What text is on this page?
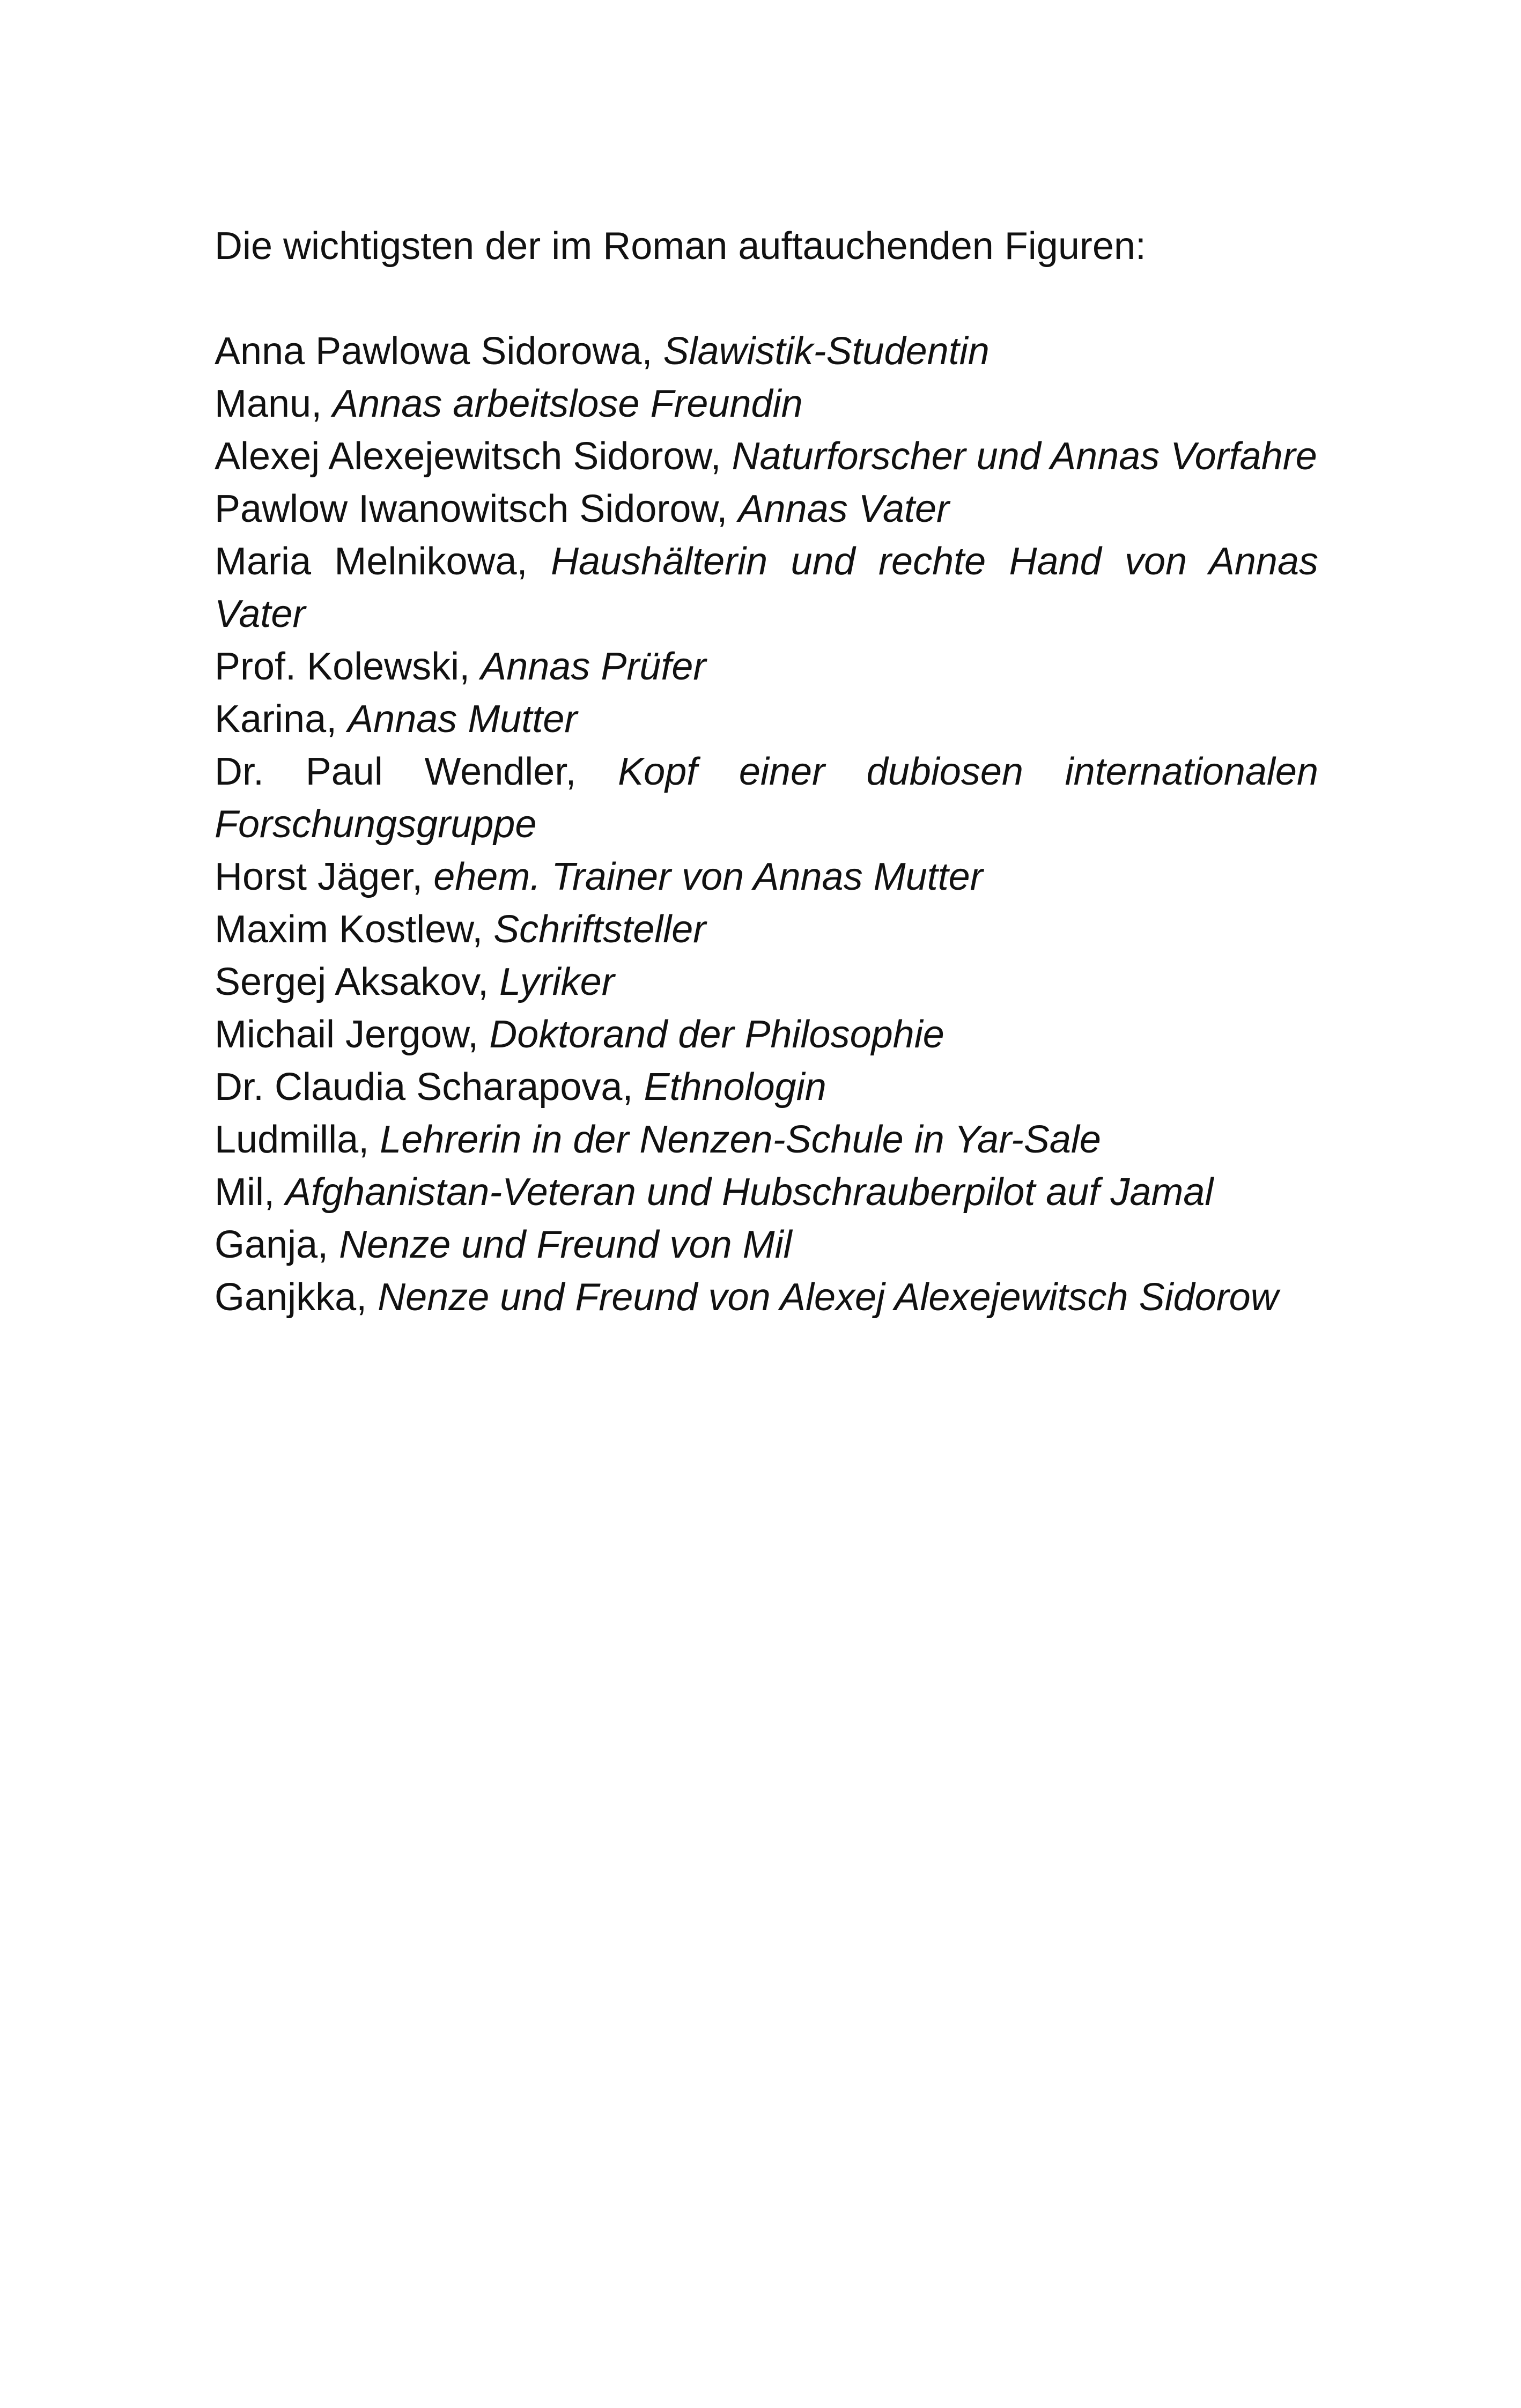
Die wichtigsten der im Roman auftauchenden Figuren:

Anna Pawlowa Sidorowa, Slawistik-Studentin
Manu, Annas arbeitslose Freundin
Alexej Alexejewitsch Sidorow, Naturforscher und Annas Vorfahre
Pawlow Iwanowitsch Sidorow, Annas Vater
Maria Melnikowa, Haushälterin und rechte Hand von Annas Vater
Prof. Kolewski, Annas Prüfer
Karina, Annas Mutter
Dr. Paul Wendler, Kopf einer dubiosen internationalen Forschungsgruppe
Horst Jäger, ehem. Trainer von Annas Mutter
Maxim Kostlew, Schriftsteller
Sergej Aksakov, Lyriker
Michail Jergow, Doktorand der Philosophie
Dr. Claudia Scharapova, Ethnologin
Ludmilla, Lehrerin in der Nenzen-Schule in Yar-Sale
Mil, Afghanistan-Veteran und Hubschrauberpilot auf Jamal
Ganja, Nenze und Freund von Mil
Ganjkka, Nenze und Freund von Alexej Alexejewitsch Sidorow
